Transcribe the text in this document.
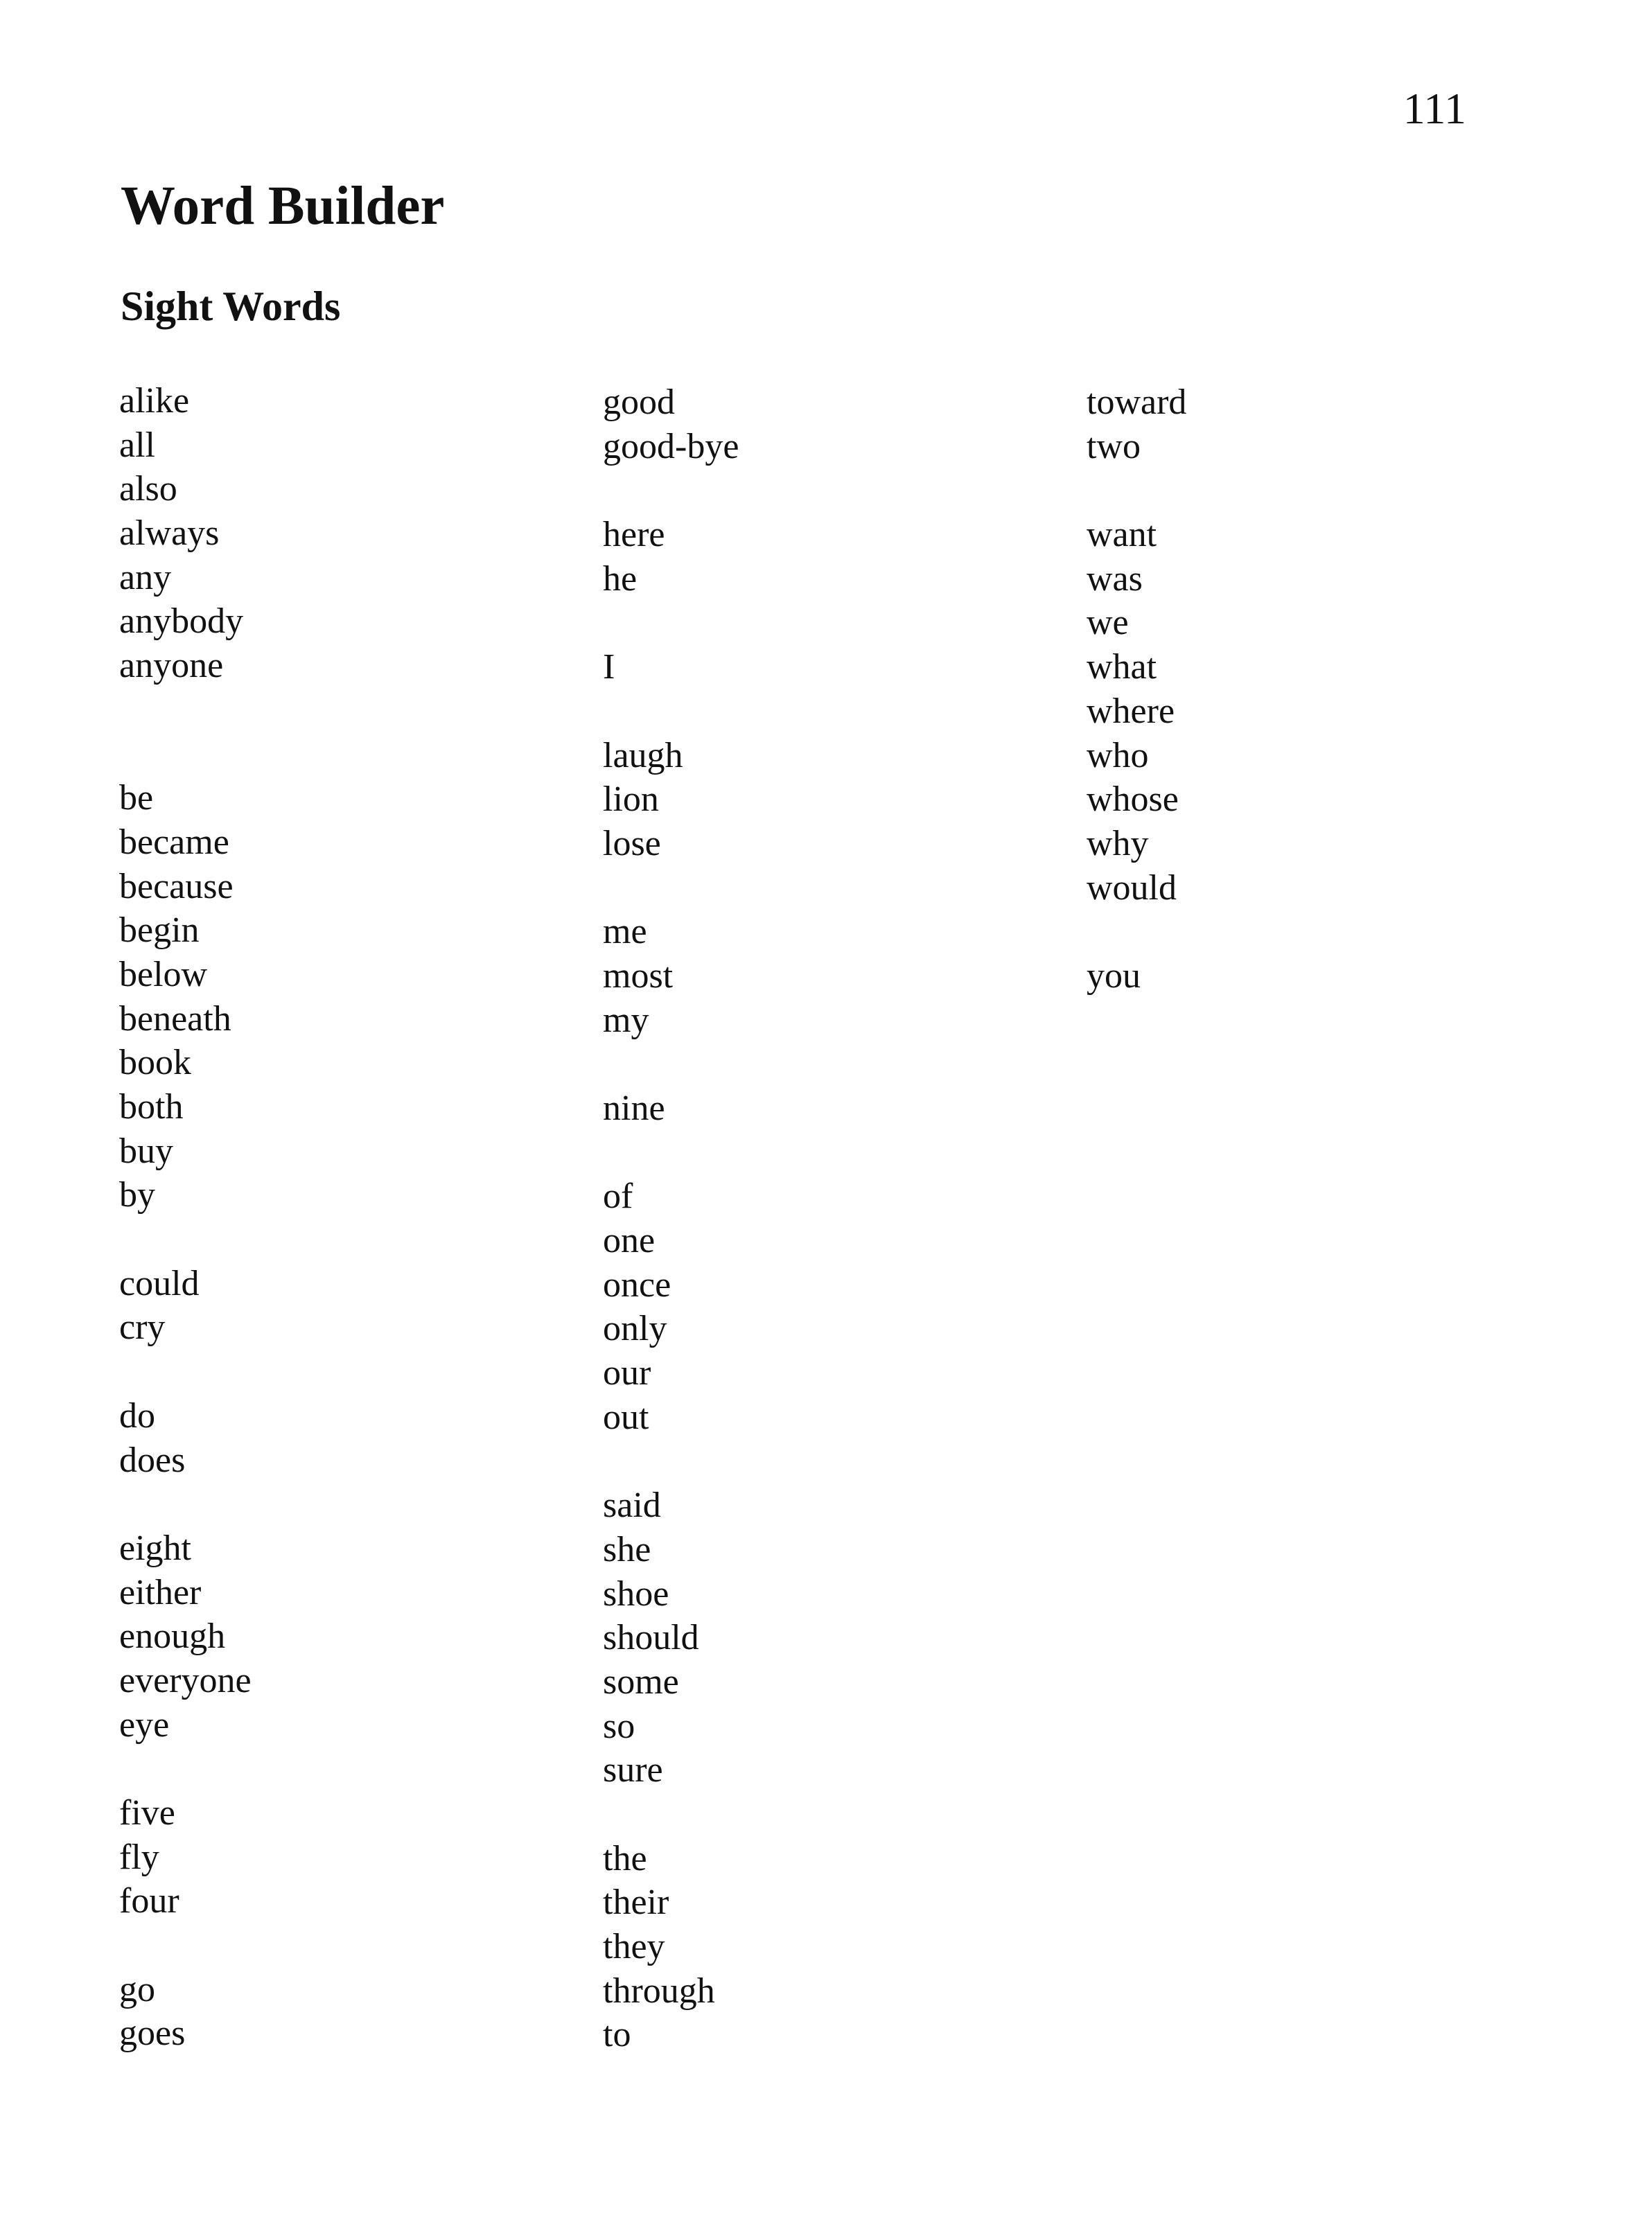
111
Word Builder
Sight Words
alike
all
also
always
any
anybody
anyone
be
became
because
begin
below
beneath
book
both
buy
by
could
cry
do
does
eight
either
enough
everyone
eye
five
fly
four
go
goes
good
good-bye
here
he
I
laugh
lion
lose
me
most
my
nine
of
one
once
only
our
out
said
she
shoe
should
some
so
sure
the
their
they
through
to
toward
two
want
was
we
what
where
who
whose
why
would
you
